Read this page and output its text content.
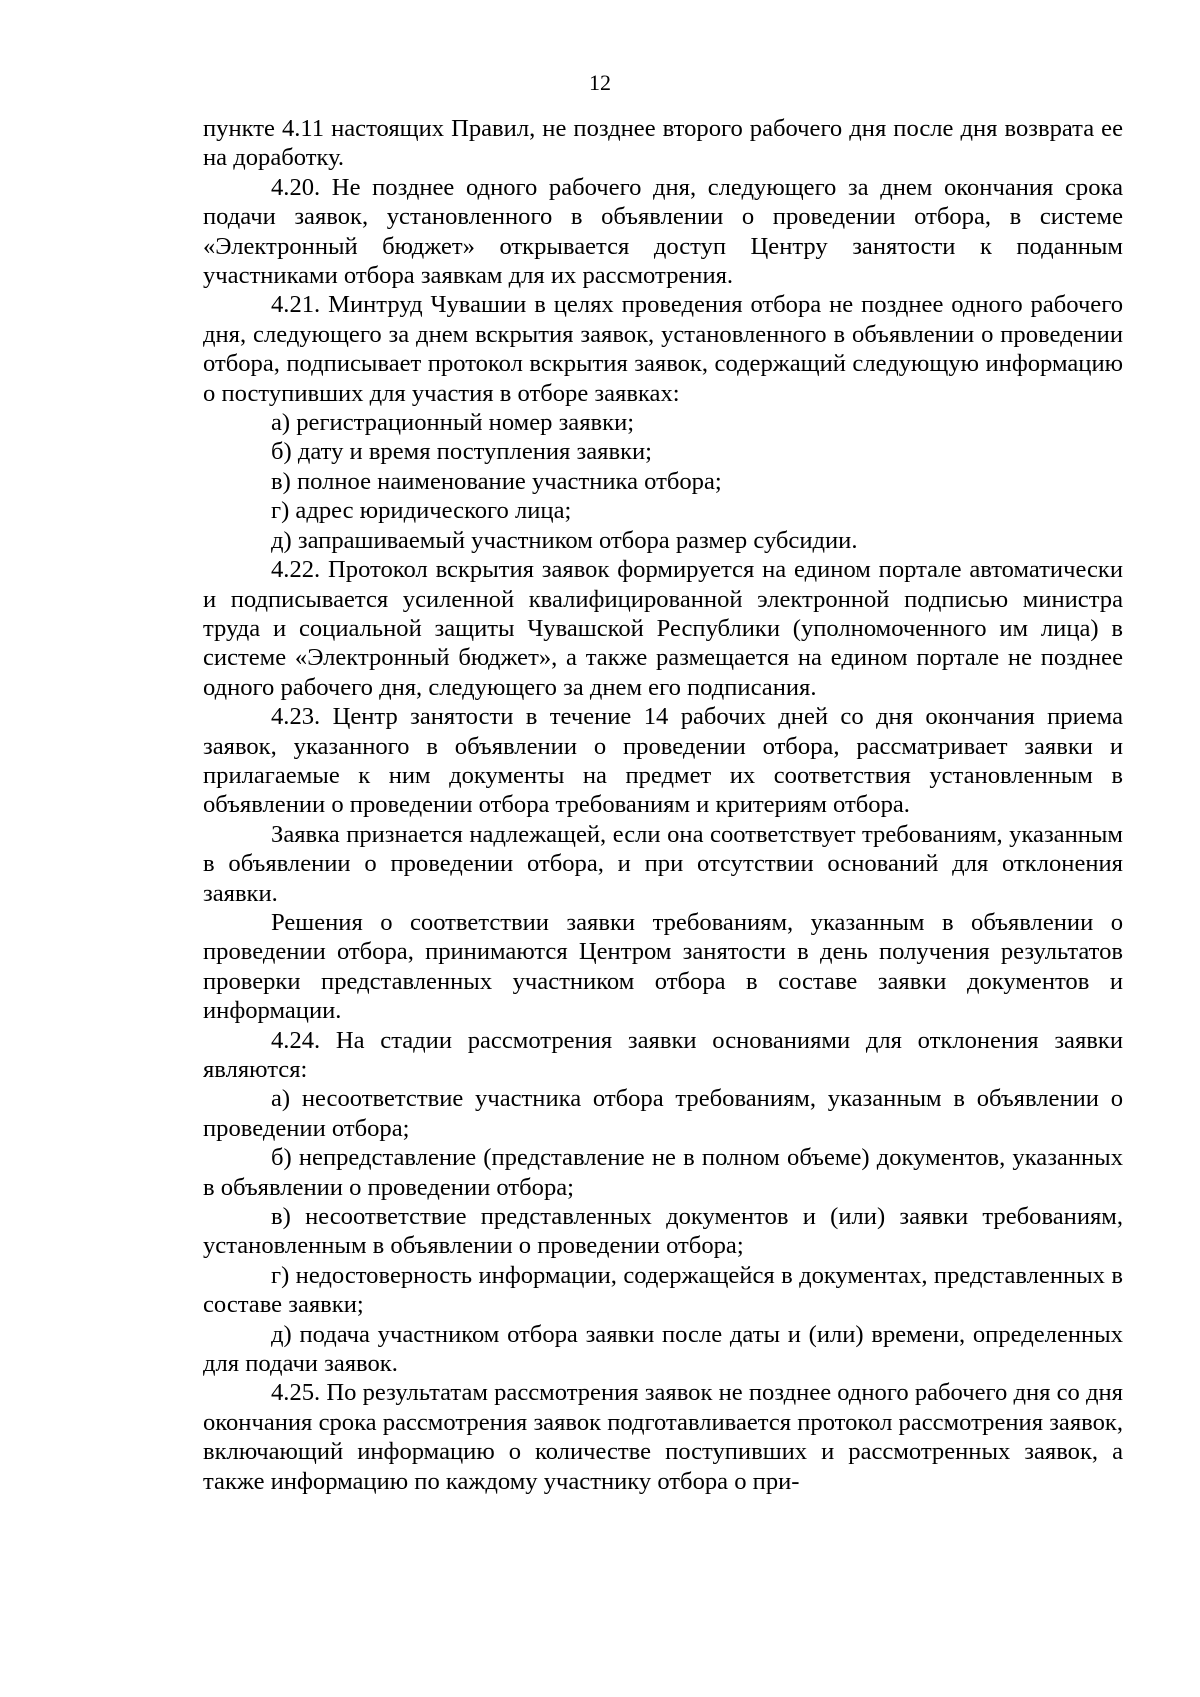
12

пункте 4.11 настоящих Правил, не позднее второго рабочего дня после дня возврата ее на доработку.

4.20. Не позднее одного рабочего дня, следующего за днем окончания срока подачи заявок, установленного в объявлении о проведении отбора, в системе «Электронный бюджет» открывается доступ Центру занятости к поданным участниками отбора заявкам для их рассмотрения.

4.21. Минтруд Чувашии в целях проведения отбора не позднее одного рабочего дня, следующего за днем вскрытия заявок, установленного в объявлении о проведении отбора, подписывает протокол вскрытия заявок, содержащий следующую информацию о поступивших для участия в отборе заявках:

а) регистрационный номер заявки;

б) дату и время поступления заявки;

в) полное наименование участника отбора;

г) адрес юридического лица;

д) запрашиваемый участником отбора размер субсидии.

4.22. Протокол вскрытия заявок формируется на едином портале автоматически и подписывается усиленной квалифицированной электронной подписью министра труда и социальной защиты Чувашской Республики (уполномоченного им лица) в системе «Электронный бюджет», а также размещается на едином портале не позднее одного рабочего дня, следующего за днем его подписания.

4.23. Центр занятости в течение 14 рабочих дней со дня окончания приема заявок, указанного в объявлении о проведении отбора, рассматривает заявки и прилагаемые к ним документы на предмет их соответствия установленным в объявлении о проведении отбора требованиям и критериям отбора.

Заявка признается надлежащей, если она соответствует требованиям, указанным в объявлении о проведении отбора, и при отсутствии оснований для отклонения заявки.

Решения о соответствии заявки требованиям, указанным в объявлении о проведении отбора, принимаются Центром занятости в день получения результатов проверки представленных участником отбора в составе заявки документов и информации.

4.24. На стадии рассмотрения заявки основаниями для отклонения заявки являются:

а) несоответствие участника отбора требованиям, указанным в объявлении о проведении отбора;

б) непредставление (представление не в полном объеме) документов, указанных в объявлении о проведении отбора;

в) несоответствие представленных документов и (или) заявки требованиям, установленным в объявлении о проведении отбора;

г) недостоверность информации, содержащейся в документах, представленных в составе заявки;

д) подача участником отбора заявки после даты и (или) времени, определенных для подачи заявок.

4.25. По результатам рассмотрения заявок не позднее одного рабочего дня со дня окончания срока рассмотрения заявок подготавливается протокол рассмотрения заявок, включающий информацию о количестве поступивших и рассмотренных заявок, а также информацию по каждому участнику отбора о при-
